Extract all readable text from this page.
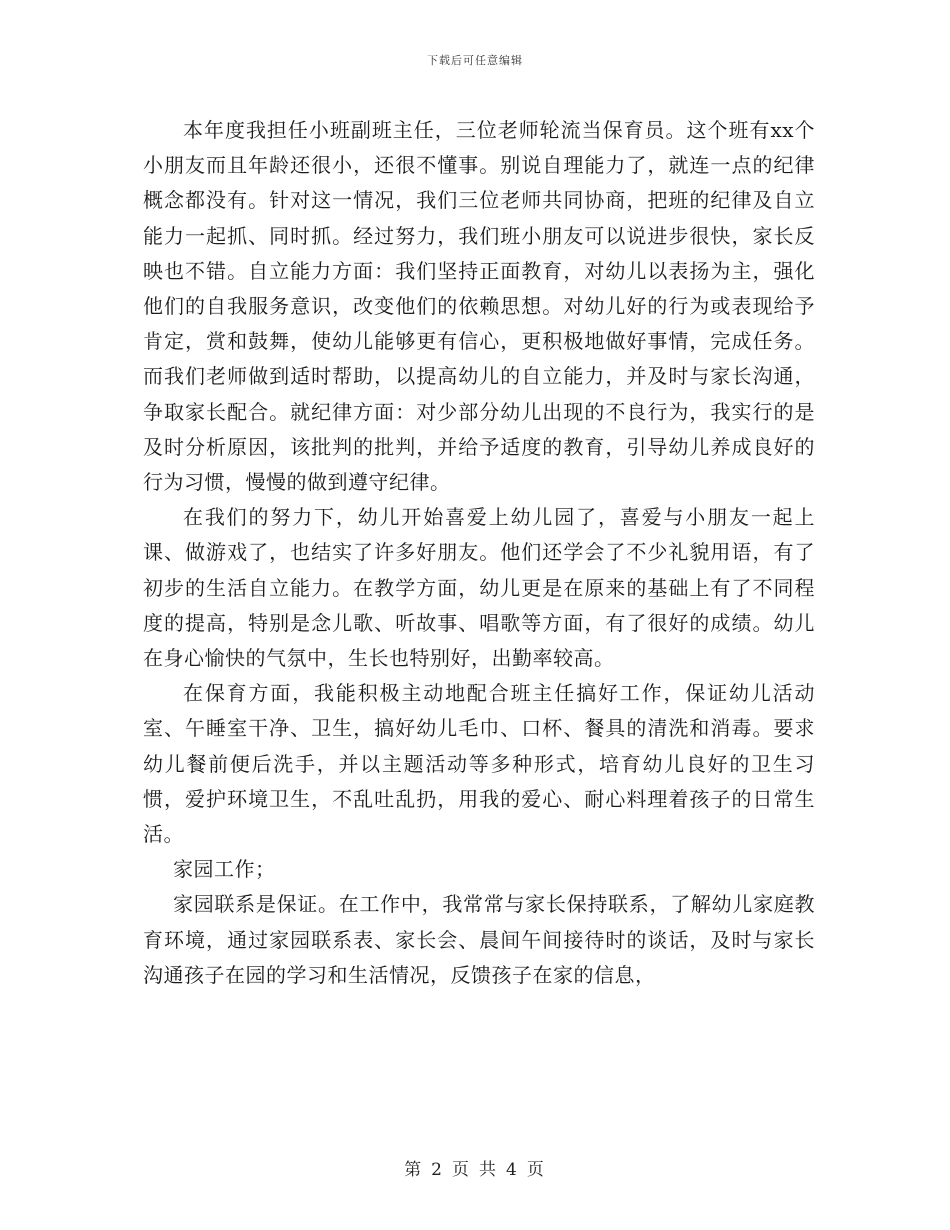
下载后可任意编辑

本年度我担任小班副班主任，三位老师轮流当保育员。这个班有xx个小朋友而且年龄还很小，还很不懂事。别说自理能力了，就连一点的纪律概念都没有。针对这一情况，我们三位老师共同协商，把班的纪律及自立能力一起抓、同时抓。经过努力，我们班小朋友可以说进步很快，家长反映也不错。自立能力方面：我们坚持正面教育，对幼儿以表扬为主，强化他们的自我服务意识，改变他们的依赖思想。对幼儿好的行为或表现给予肯定，赏和鼓舞，使幼儿能够更有信心，更积极地做好事情，完成任务。而我们老师做到适时帮助，以提高幼儿的自立能力，并及时与家长沟通，争取家长配合。就纪律方面：对少部分幼儿出现的不良行为，我实行的是及时分析原因，该批判的批判，并给予适度的教育，引导幼儿养成良好的行为习惯，慢慢的做到遵守纪律。

在我们的努力下，幼儿开始喜爱上幼儿园了，喜爱与小朋友一起上课、做游戏了，也结实了许多好朋友。他们还学会了不少礼貌用语，有了初步的生活自立能力。在教学方面，幼儿更是在原来的基础上有了不同程度的提高，特别是念儿歌、听故事、唱歌等方面，有了很好的成绩。幼儿在身心愉快的气氛中，生长也特别好，出勤率较高。

在保育方面，我能积极主动地配合班主任搞好工作，保证幼儿活动室、午睡室干净、卫生，搞好幼儿毛巾、口杯、餐具的清洗和消毒。要求幼儿餐前便后洗手，并以主题活动等多种形式，培育幼儿良好的卫生习惯，爱护环境卫生，不乱吐乱扔，用我的爱心、耐心料理着孩子的日常生活。

家园工作；

家园联系是保证。在工作中，我常常与家长保持联系，了解幼儿家庭教育环境，通过家园联系表、家长会、晨间午间接待时的谈话，及时与家长沟通孩子在园的学习和生活情况，反馈孩子在家的信息，

第 2 页 共 4 页
